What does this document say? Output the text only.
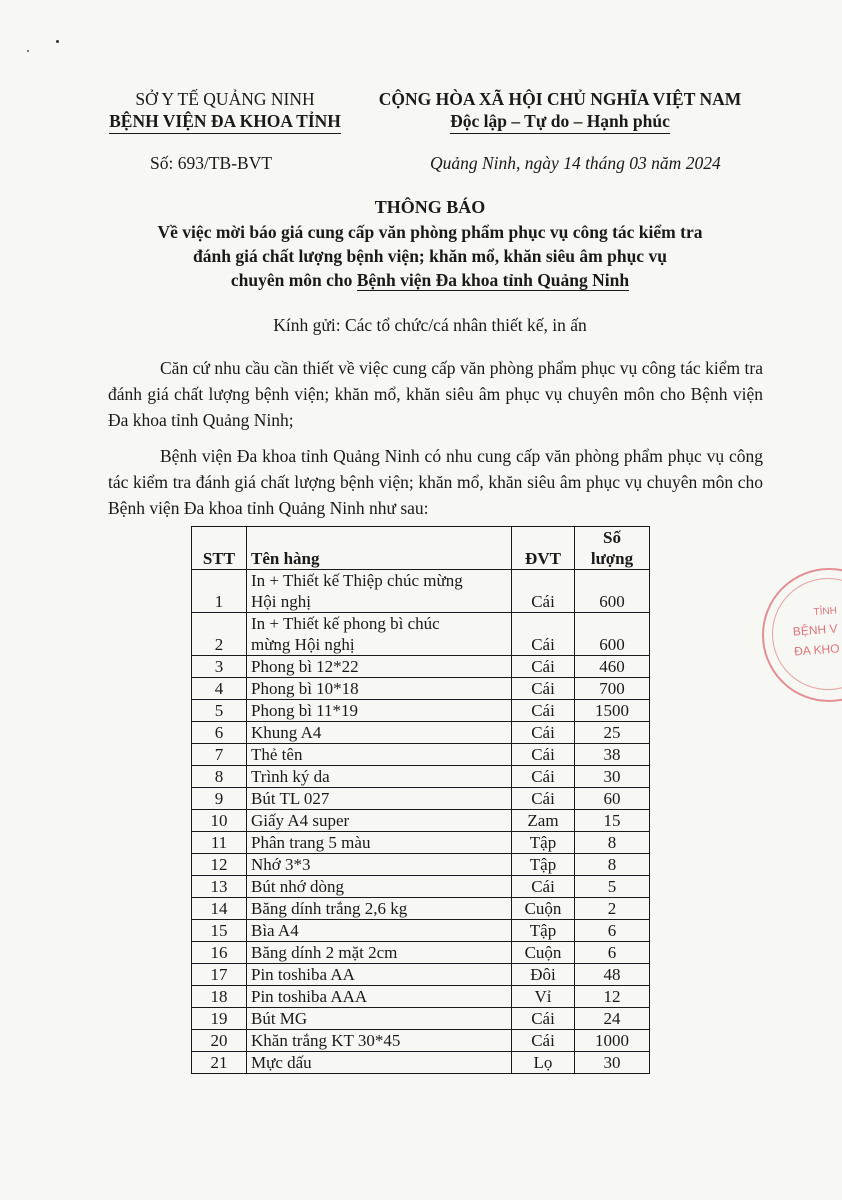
SỞ Y TẾ QUẢNG NINH
BỆNH VIỆN ĐA KHOA TỈNH
CỘNG HÒA XÃ HỘI CHỦ NGHĨA VIỆT NAM
Độc lập – Tự do – Hạnh phúc
Số: 693/TB-BVT	Quảng Ninh, ngày 14 tháng 03 năm 2024
THÔNG BÁO
Về việc mời báo giá cung cấp văn phòng phẩm phục vụ công tác kiểm tra
đánh giá chất lượng bệnh viện; khăn mổ, khăn siêu âm phục vụ
chuyên môn cho Bệnh viện Đa khoa tỉnh Quảng Ninh
Kính gửi: Các tổ chức/cá nhân thiết kế, in ấn
Căn cứ nhu cầu cần thiết về việc cung cấp văn phòng phẩm phục vụ công tác kiểm tra đánh giá chất lượng bệnh viện; khăn mổ, khăn siêu âm phục vụ chuyên môn cho Bệnh viện Đa khoa tỉnh Quảng Ninh;
Bệnh viện Đa khoa tỉnh Quảng Ninh có nhu cung cấp văn phòng phẩm phục vụ công tác kiểm tra đánh giá chất lượng bệnh viện; khăn mổ, khăn siêu âm phục vụ chuyên môn cho Bệnh viện Đa khoa tỉnh Quảng Ninh như sau:
STT	Tên hàng	ĐVT	Số
lượng

1	In + Thiết kế Thiệp chúc mừng
Hội nghị	Cái	600
2	In + Thiết kế phong bì chúc
mừng Hội nghị	Cái	600
3	Phong bì 12*22	Cái	460
4	Phong bì 10*18	Cái	700
5	Phong bì 11*19	Cái	1500
6	Khung A4	Cái	25
7	Thẻ tên	Cái	38
8	Trình ký da	Cái	30
9	Bút TL 027	Cái	60
10	Giấy A4 super	Zam	15
11	Phân trang 5 màu	Tập	8
12	Nhớ 3*3	Tập	8
13	Bút nhớ dòng	Cái	5
14	Băng dính trắng 2,6 kg	Cuộn	2
15	Bìa A4	Tập	6
16	Băng dính 2 mặt 2cm	Cuộn	6
17	Pin toshiba AA	Đôi	48
18	Pin toshiba AAA	Vỉ	12
19	Bút MG	Cái	24
20	Khăn trắng KT 30*45	Cái	1000
21	Mực dấu	Lọ	30
TỈNH
BỆNH V
ĐA KHO
